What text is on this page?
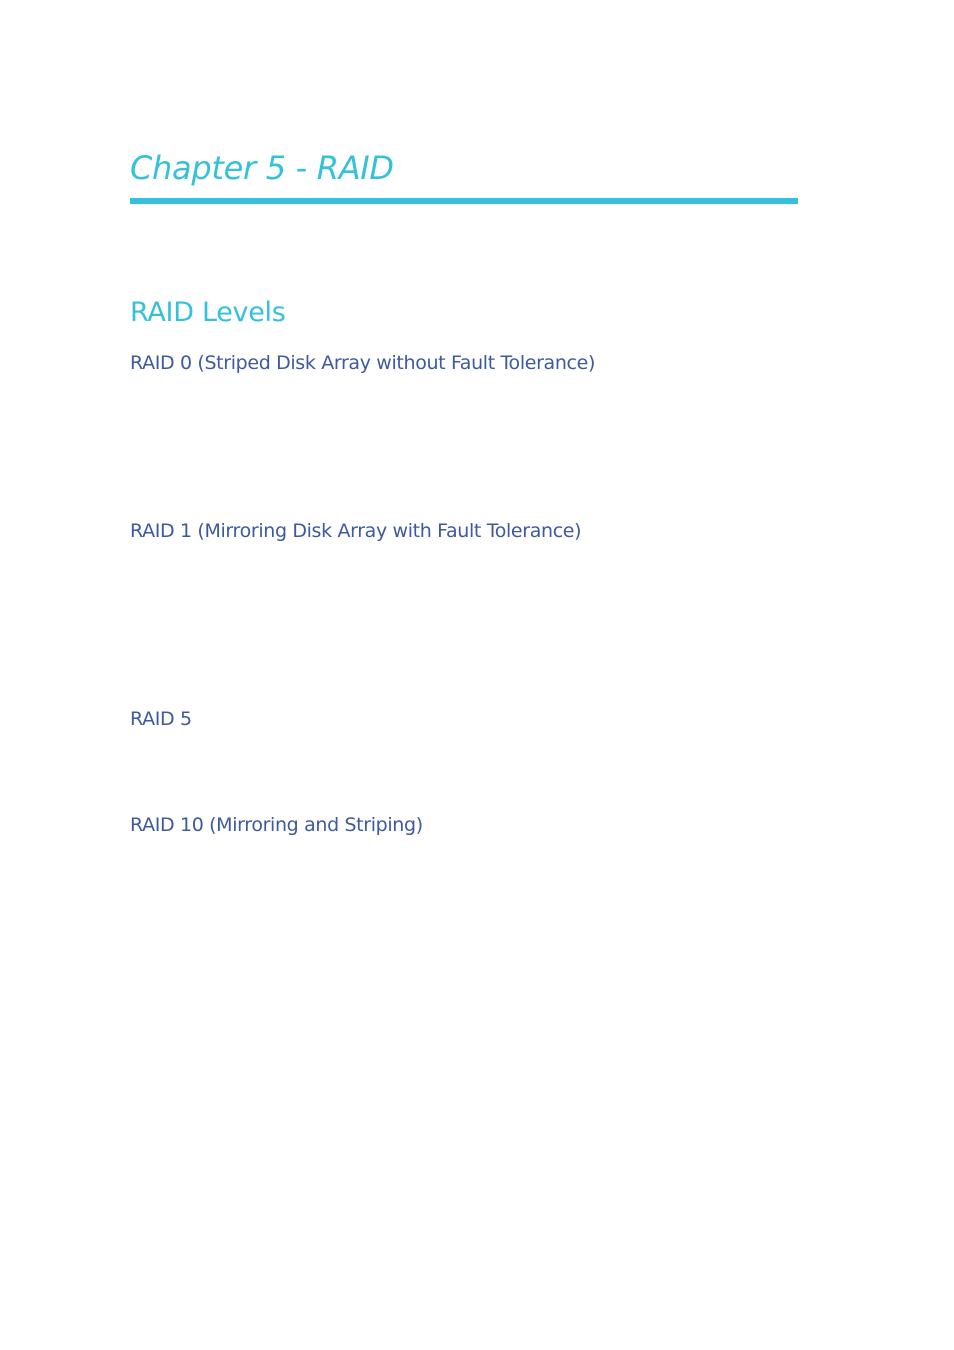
Chapter 5 - RAID
RAID Levels
RAID 0 (Striped Disk Array without Fault Tolerance)
RAID 1 (Mirroring Disk Array with Fault Tolerance)
RAID 5
RAID 10 (Mirroring and Striping)
